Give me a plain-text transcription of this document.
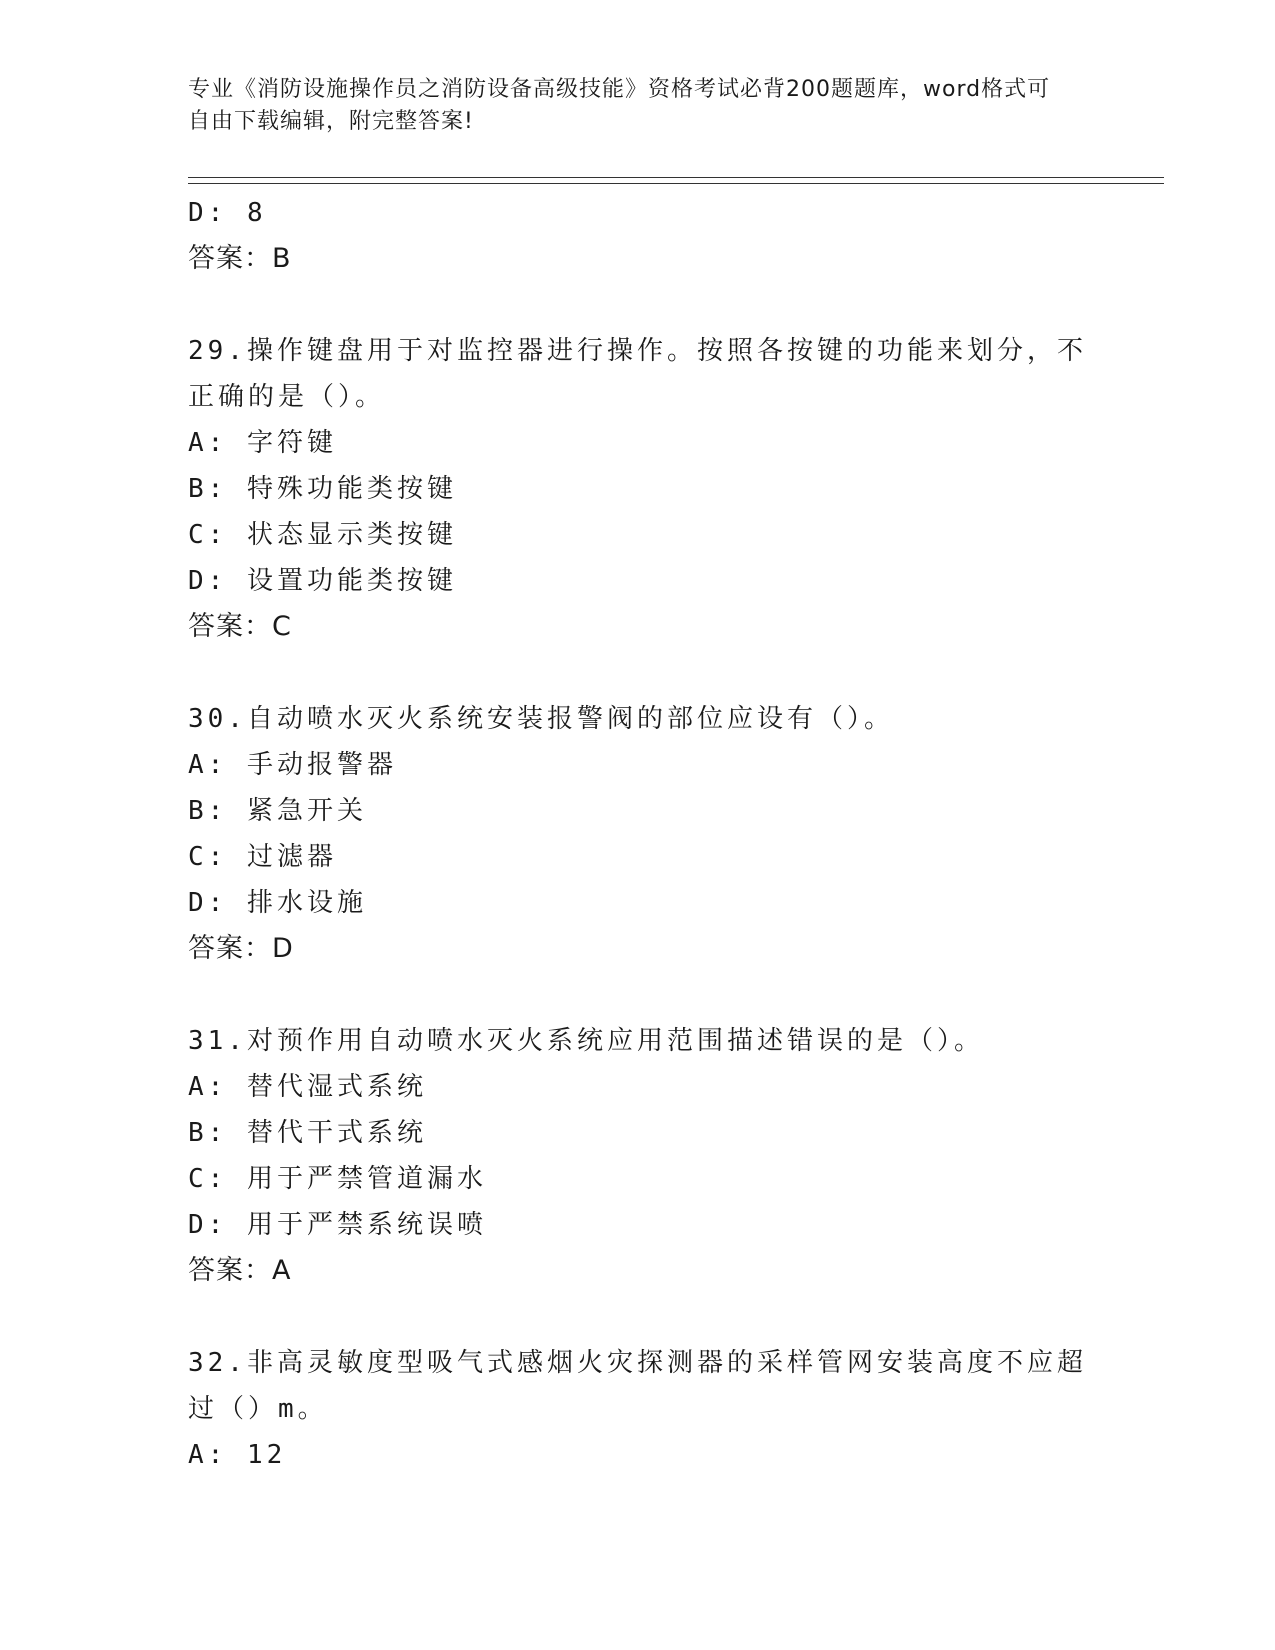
专业《消防设施操作员之消防设备高级技能》资格考试必背200题题库，word格式可自由下载编辑，附完整答案!
D: 8
答案：B
29.操作键盘用于对监控器进行操作。按照各按键的功能来划分，不正确的是（）。
A: 字符键
B: 特殊功能类按键
C: 状态显示类按键
D: 设置功能类按键
答案：C
30.自动喷水灭火系统安装报警阀的部位应设有（）。
A: 手动报警器
B: 紧急开关
C: 过滤器
D: 排水设施
答案：D
31.对预作用自动喷水灭火系统应用范围描述错误的是（）。
A: 替代湿式系统
B: 替代干式系统
C: 用于严禁管道漏水
D: 用于严禁系统误喷
答案：A
32.非高灵敏度型吸气式感烟火灾探测器的采样管网安装高度不应超过（）m。
A: 12
